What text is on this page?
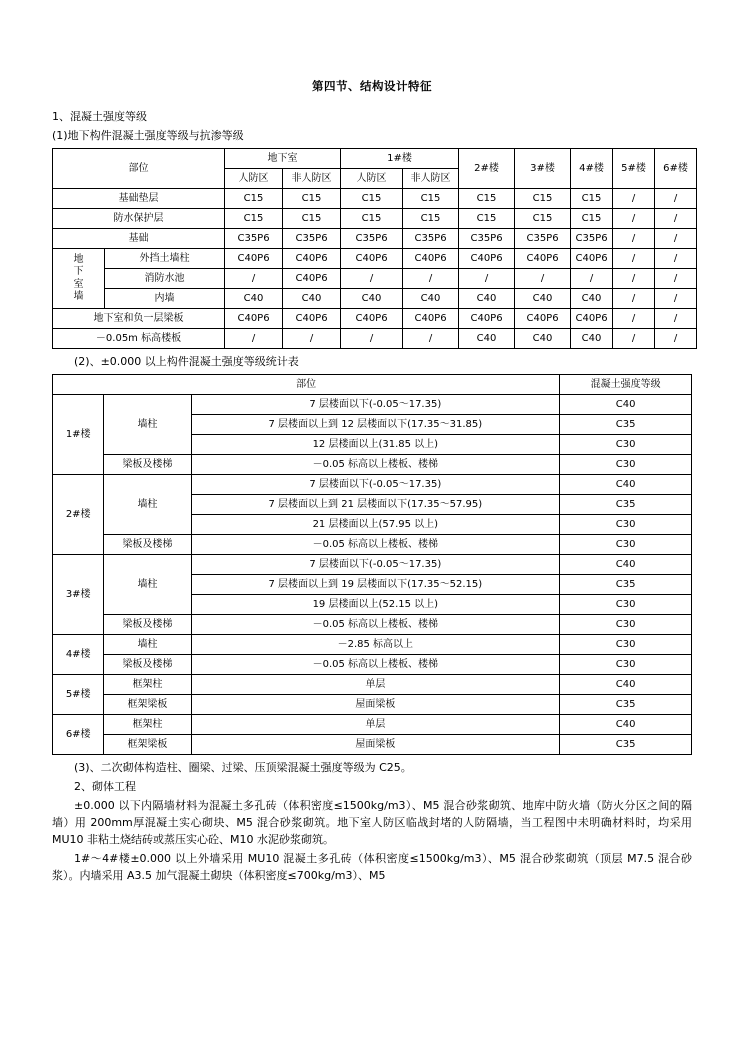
第四节、结构设计特征
1、混凝土强度等级
(1)地下构件混凝土强度等级与抗渗等级
部位		地下室		1#楼		2#楼	3#楼	4#楼	5#楼	6#楼
		人防区	非人防区	人防区	非人防区					
基础垫层		C15	C15	C15	C15	C15	C15	C15	/	/
防水保护层		C15	C15	C15	C15	C15	C15	C15	/	/
基础		C35P6	C35P6	C35P6	C35P6	C35P6	C35P6	C35P6	/	/

地
下
室
墙	外挡土墙柱	C40P6	C40P6	C40P6	C40P6	C40P6	C40P6	C40P6	/	/
	消防水池	/	C40P6	/	/	/	/	/	/	/
	内墙	C40	C40	C40	C40	C40	C40	C40	/	/
地下室和负一层梁板		C40P6	C40P6	C40P6	C40P6	C40P6	C40P6	C40P6	/	/
－0.05m 标高楼板		/	/	/	/	C40	C40	C40	/	/
(2)、±0.000 以上构件混凝土强度等级统计表
部位			混凝土强度等级
1#楼	墙柱	7 层楼面以下(-0.05～17.35)	C40
		7 层楼面以上到 12 层楼面以下(17.35～31.85)	C35
		12 层楼面以上(31.85 以上)	C30
	梁板及楼梯	－0.05 标高以上楼板、楼梯	C30
2#楼	墙柱	7 层楼面以下(-0.05～17.35)	C40
		7 层楼面以上到 21 层楼面以下(17.35～57.95)	C35
		21 层楼面以上(57.95 以上)	C30
	梁板及楼梯	－0.05 标高以上楼板、楼梯	C30
3#楼	墙柱	7 层楼面以下(-0.05～17.35)	C40
		7 层楼面以上到 19 层楼面以下(17.35～52.15)	C35
		19 层楼面以上(52.15 以上)	C30
	梁板及楼梯	－0.05 标高以上楼板、楼梯	C30
4#楼	墙柱	－2.85 标高以上	C30
	梁板及楼梯	－0.05 标高以上楼板、楼梯	C30
5#楼	框架柱	单层	C40
	框架梁板	屋面梁板	C35
6#楼	框架柱	单层	C40
	框架梁板	屋面梁板	C35
(3)、二次砌体构造柱、圈梁、过梁、压顶梁混凝土强度等级为 C25。
2、砌体工程
±0.000 以下内隔墙材料为混凝土多孔砖（体积密度≤1500kg/m3）、M5 混合砂浆砌筑、地库中防火墙（防火分区之间的隔墙）用 200mm厚混凝土实心砌块、M5 混合砂浆砌筑。地下室人防区临战封堵的人防隔墙，当工程图中未明确材料时，均采用 MU10 非粘土烧结砖或蒸压实心砼、M10 水泥砂浆砌筑。
1#～4#楼±0.000 以上外墙采用 MU10 混凝土多孔砖（体积密度≤1500kg/m3）、M5 混合砂浆砌筑（顶层 M7.5 混合砂浆）。内墙采用 A3.5 加气混凝土砌块（体积密度≤700kg/m3）、M5
